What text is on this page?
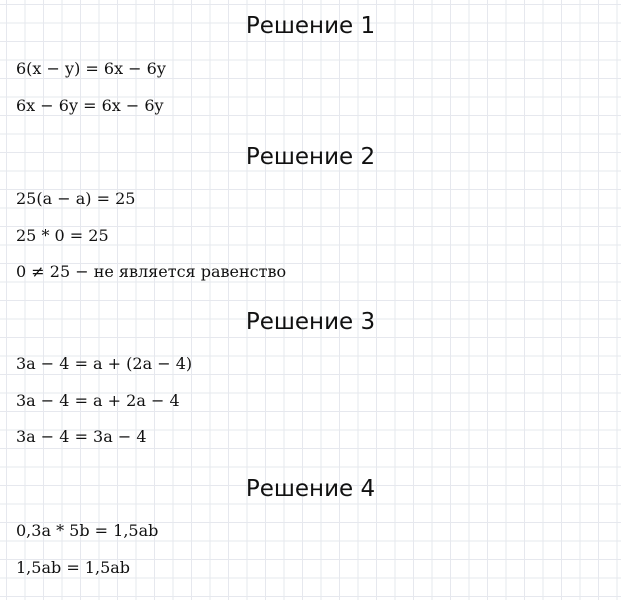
Решение 1
6(x − y) = 6x − 6y
6x − 6y = 6x − 6y
Решение 2
25(a − a) = 25
25 * 0 = 25
0 ≠ 25 − не является равенство
Решение 3
3a − 4 = a + (2a − 4)
3a − 4 = a + 2a − 4
3a − 4 = 3a − 4
Решение 4
0,3a * 5b = 1,5ab
1,5ab = 1,5ab
